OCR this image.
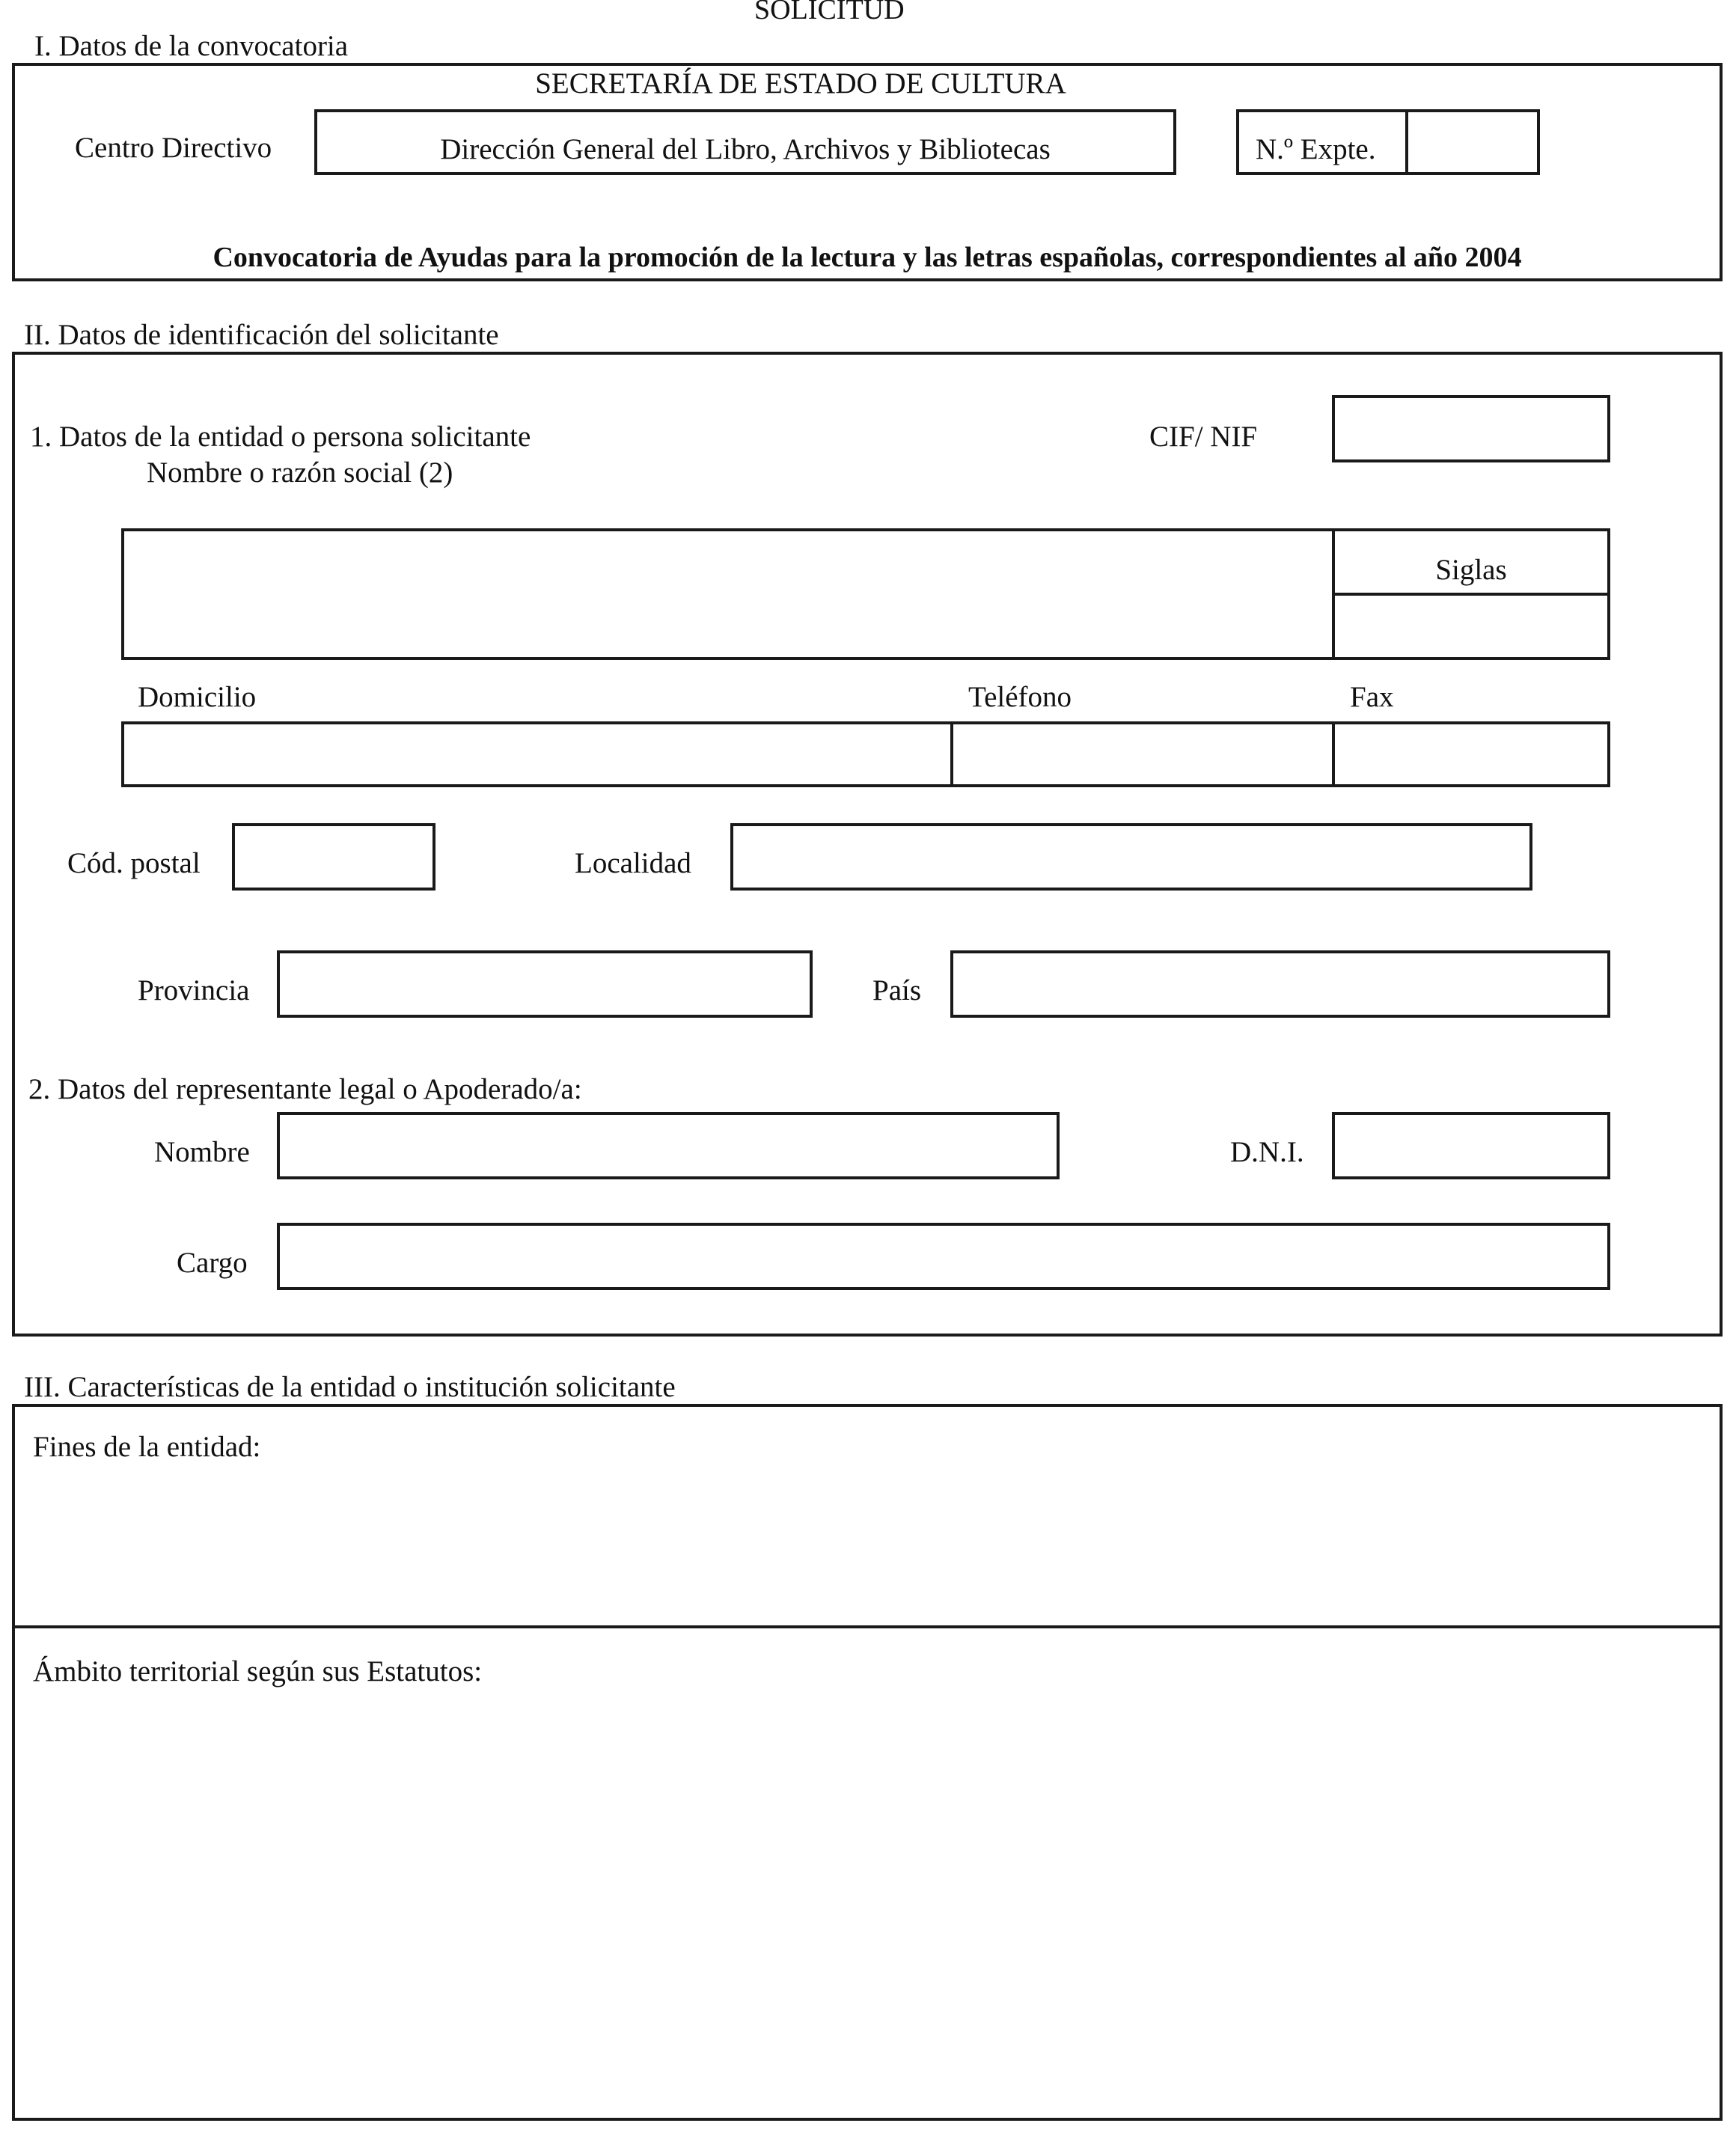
SOLICITUD
I. Datos de la convocatoria
SECRETARÍA DE ESTADO DE CULTURA
Centro Directivo	Dirección General del Libro, Archivos y Bibliotecas	N.º Expte.
Convocatoria de Ayudas para la promoción de la lectura y las letras españolas, correspondientes al año 2004
II. Datos de identificación del solicitante
1. Datos de la entidad o persona solicitante
Nombre o razón social (2)
CIF/ NIF
Siglas
Domicilio	Teléfono	Fax
Cód. postal	Localidad
Provincia	País
2. Datos del representante legal o Apoderado/a:
Nombre	D.N.I.
Cargo
III. Características de la entidad o institución solicitante
Fines de la entidad:
Ámbito territorial según sus Estatutos:
